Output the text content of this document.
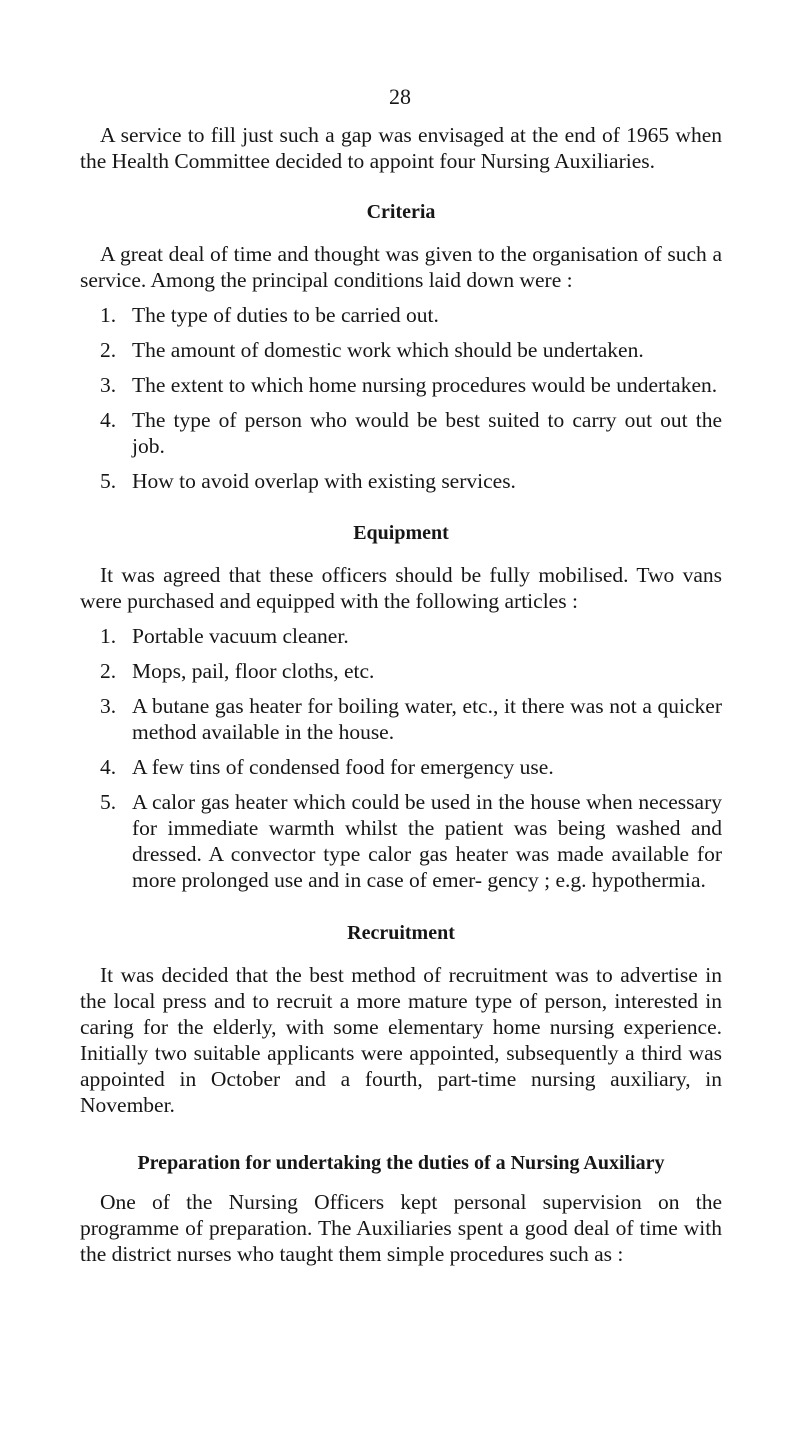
28

A service to fill just such a gap was envisaged at the end of 1965 when the Health Committee decided to appoint four Nursing Auxiliaries.

Criteria

A great deal of time and thought was given to the organisation of such a service. Among the principal conditions laid down were :

1. The type of duties to be carried out.
2. The amount of domestic work which should be undertaken.
3. The extent to which home nursing procedures would be undertaken.
4. The type of person who would be best suited to carry out out the job.
5. How to avoid overlap with existing services.
Equipment

It was agreed that these officers should be fully mobilised. Two vans were purchased and equipped with the following articles :

1. Portable vacuum cleaner.
2. Mops, pail, floor cloths, etc.
3. A butane gas heater for boiling water, etc., it there was not a quicker method available in the house.
4. A few tins of condensed food for emergency use.
5. A calor gas heater which could be used in the house when necessary for immediate warmth whilst the patient was being washed and dressed. A convector type calor gas heater was made available for more prolonged use and in case of emer- gency ; e.g. hypothermia.
Recruitment

It was decided that the best method of recruitment was to advertise in the local press and to recruit a more mature type of person, interested in caring for the elderly, with some elementary home nursing experience. Initially two suitable applicants were appointed, subsequently a third was appointed in October and a fourth, part-time nursing auxiliary, in November.

Preparation for undertaking the duties of a Nursing Auxiliary

One of the Nursing Officers kept personal supervision on the programme of preparation. The Auxiliaries spent a good deal of time with the district nurses who taught them simple procedures such as :
